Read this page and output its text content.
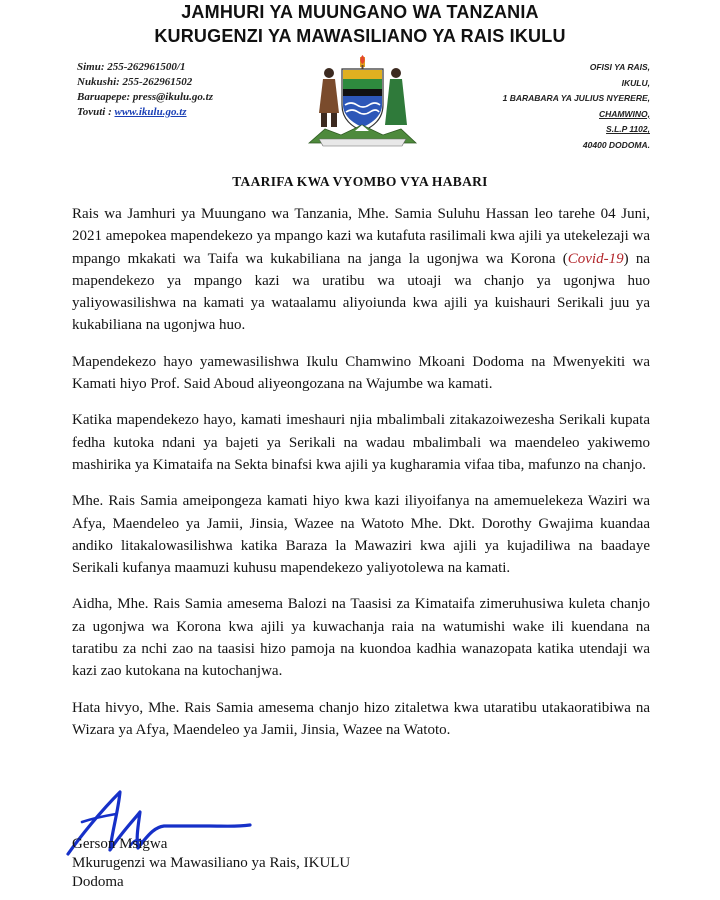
JAMHURI YA MUUNGANO WA TANZANIA
KURUGENZI YA MAWASILIANO YA RAIS IKULU
Simu: 255-262961500/1
Nukushi: 255-262961502
Baruapepe: press@ikulu.go.tz
Tovuti : www.ikulu.go.tz
OFISI YA RAIS,
IKULU,
1 BARABARA YA JULIUS NYERERE,
CHAMWINO,
S.L.P 1102,
40400 DODOMA.
TAARIFA KWA VYOMBO VYA HABARI

Rais wa Jamhuri ya Muungano wa Tanzania, Mhe. Samia Suluhu Hassan leo tarehe 04 Juni, 2021 amepokea mapendekezo ya mpango kazi wa kutafuta rasilimali kwa ajili ya utekelezaji wa mpango mkakati wa Taifa wa kukabiliana na janga la ugonjwa wa Korona (Covid-19) na mapendekezo ya mpango kazi wa uratibu wa utoaji wa chanjo ya ugonjwa huo yaliyowasilishwa na kamati ya wataalamu aliyoiunda kwa ajili ya kuishauri Serikali juu ya kukabiliana na ugonjwa huo.

Mapendekezo hayo yamewasilishwa Ikulu Chamwino Mkoani Dodoma na Mwenyekiti wa Kamati hiyo Prof. Said Aboud aliyeongozana na Wajumbe wa kamati.

Katika mapendekezo hayo, kamati imeshauri njia mbalimbali zitakazoiwezesha Serikali kupata fedha kutoka ndani ya bajeti ya Serikali na wadau mbalimbali wa maendeleo yakiwemo mashirika ya Kimataifa na Sekta binafsi kwa ajili ya kugharamia vifaa tiba, mafunzo na chanjo.

Mhe. Rais Samia ameipongeza kamati hiyo kwa kazi iliyoifanya na amemuelekeza Waziri wa Afya, Maendeleo ya Jamii, Jinsia, Wazee na Watoto Mhe. Dkt. Dorothy Gwajima kuandaa andiko litakalowasilishwa katika Baraza la Mawaziri kwa ajili ya kujadiliwa na baadaye Serikali kufanya maamuzi kuhusu mapendekezo yaliyotolewa na kamati.

Aidha, Mhe. Rais Samia amesema Balozi na Taasisi za Kimataifa zimeruhusiwa kuleta chanjo za ugonjwa wa Korona kwa ajili ya kuwachanja raia na watumishi wake ili kuendana na taratibu za nchi zao na taasisi hizo pamoja na kuondoa kadhia wanazopata katika utendaji wa kazi zao kutokana na kutochanjwa.

Hata hivyo, Mhe. Rais Samia amesema chanjo hizo zitaletwa kwa utaratibu utakaoratibiwa na Wizara ya Afya, Maendeleo ya Jamii, Jinsia, Wazee na Watoto.

Gerson Msigwa
Mkurugenzi wa Mawasiliano ya Rais, IKULU
Dodoma
